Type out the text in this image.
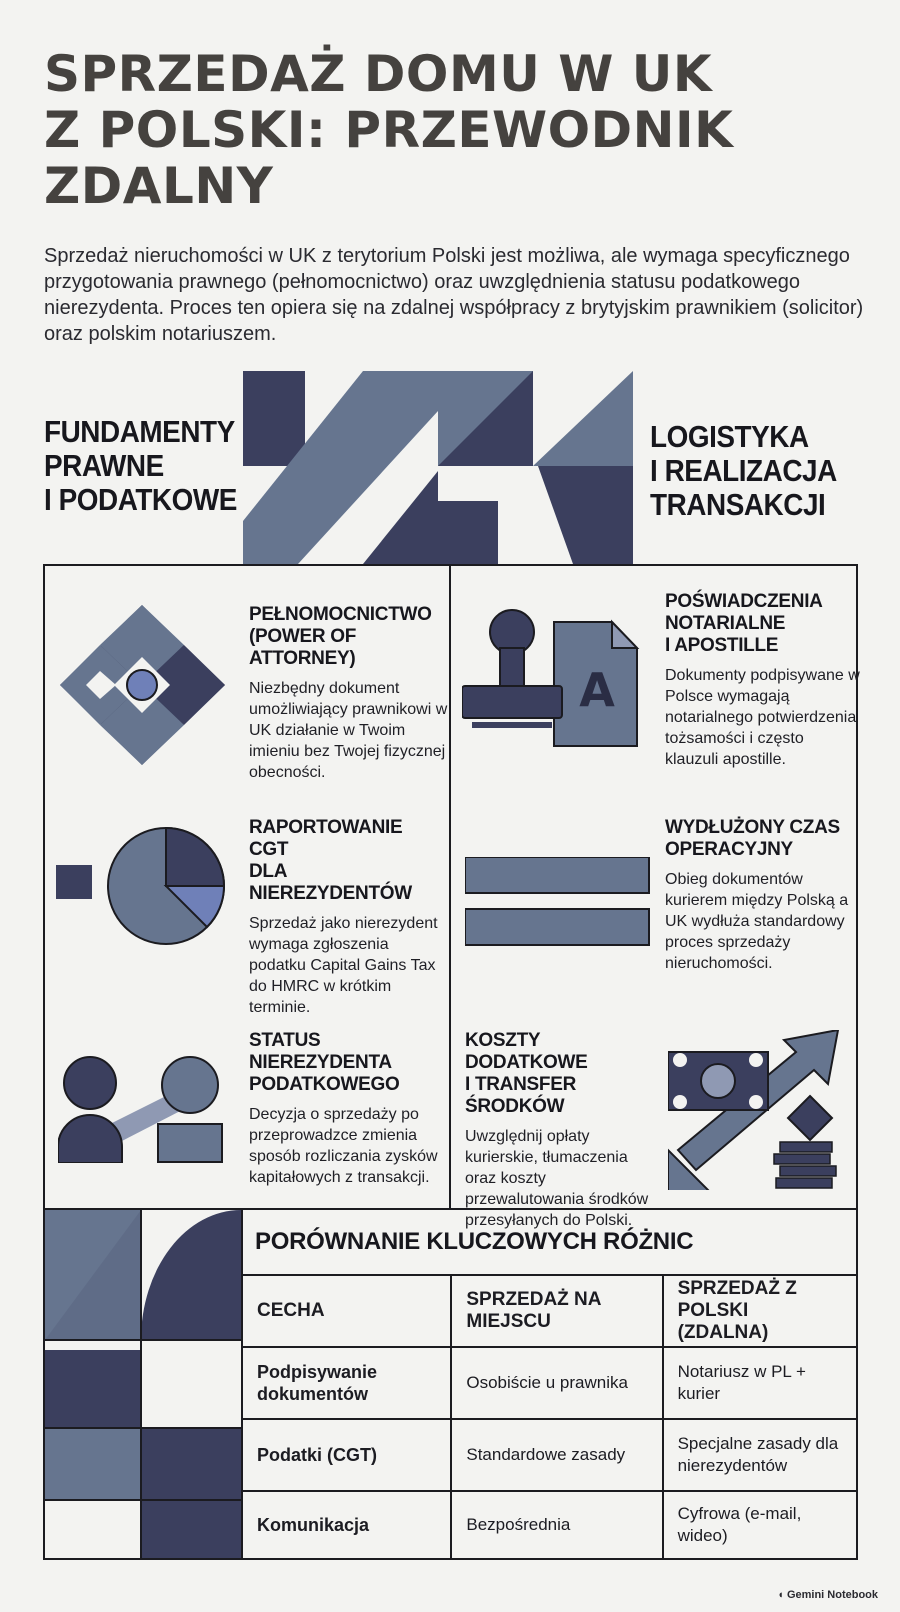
SPRZEDAŻ DOMU W UK
Z POLSKI: PRZEWODNIK
ZDALNY

Sprzedaż nieruchomości w UK z terytorium Polski jest możliwa, ale wymaga specyficznego przygotowania prawnego (pełnomocnictwo) oraz uwzględnienia statusu podatkowego nierezydenta. Proces ten opiera się na zdalnej współpracy z brytyjskim prawnikiem (solicitor) oraz polskim notariuszem.

FUNDAMENTY
PRAWNE
I PODATKOWE
LOGISTYKA
I REALIZACJA
TRANSAKCJI
PEŁNOMOCNICTWO
(POWER OF ATTORNEY)

Niezbędny dokument umożliwiający prawnikowi w UK działanie w Twoim imieniu bez Twojej fizycznej obecności.

RAPORTOWANIE CGT
DLA NIEREZYDENTÓW

Sprzedaż jako nierezydent wymaga zgłoszenia podatku Capital Gains Tax do HMRC w krótkim terminie.

STATUS NIEREZYDENTA
PODATKOWEGO

Decyzja o sprzedaży po przeprowadzce zmienia sposób rozliczania zysków kapitałowych z transakcji.

A
POŚWIADCZENIA
NOTARIALNE
I APOSTILLE

Dokumenty podpisywane w Polsce wymagają notarialnego potwierdzenia tożsamości i często klauzuli apostille.

WYDŁUŻONY CZAS
OPERACYJNY

Obieg dokumentów kurierem między Polską a UK wydłuża standardowy proces sprzedaży nieruchomości.

KOSZTY DODATKOWE
I TRANSFER ŚRODKÓW

Uwzględnij opłaty kurierskie, tłumaczenia oraz koszty przewalutowania środków przesyłanych do Polski.

PORÓWNANIE KLUCZOWYCH RÓŻNIC
CECHA	SPRZEDAŻ NA MIEJSCU	SPRZEDAŻ Z POLSKI (ZDALNA)
Podpisywanie dokumentów	Osobiście u prawnika	Notariusz w PL + kurier
Podatki (CGT)	Standardowe zasady	Specjalne zasady dla nierezydentów
Komunikacja	Bezpośrednia	Cyfrowa (e-mail, wideo)
◖ Gemini Notebook
